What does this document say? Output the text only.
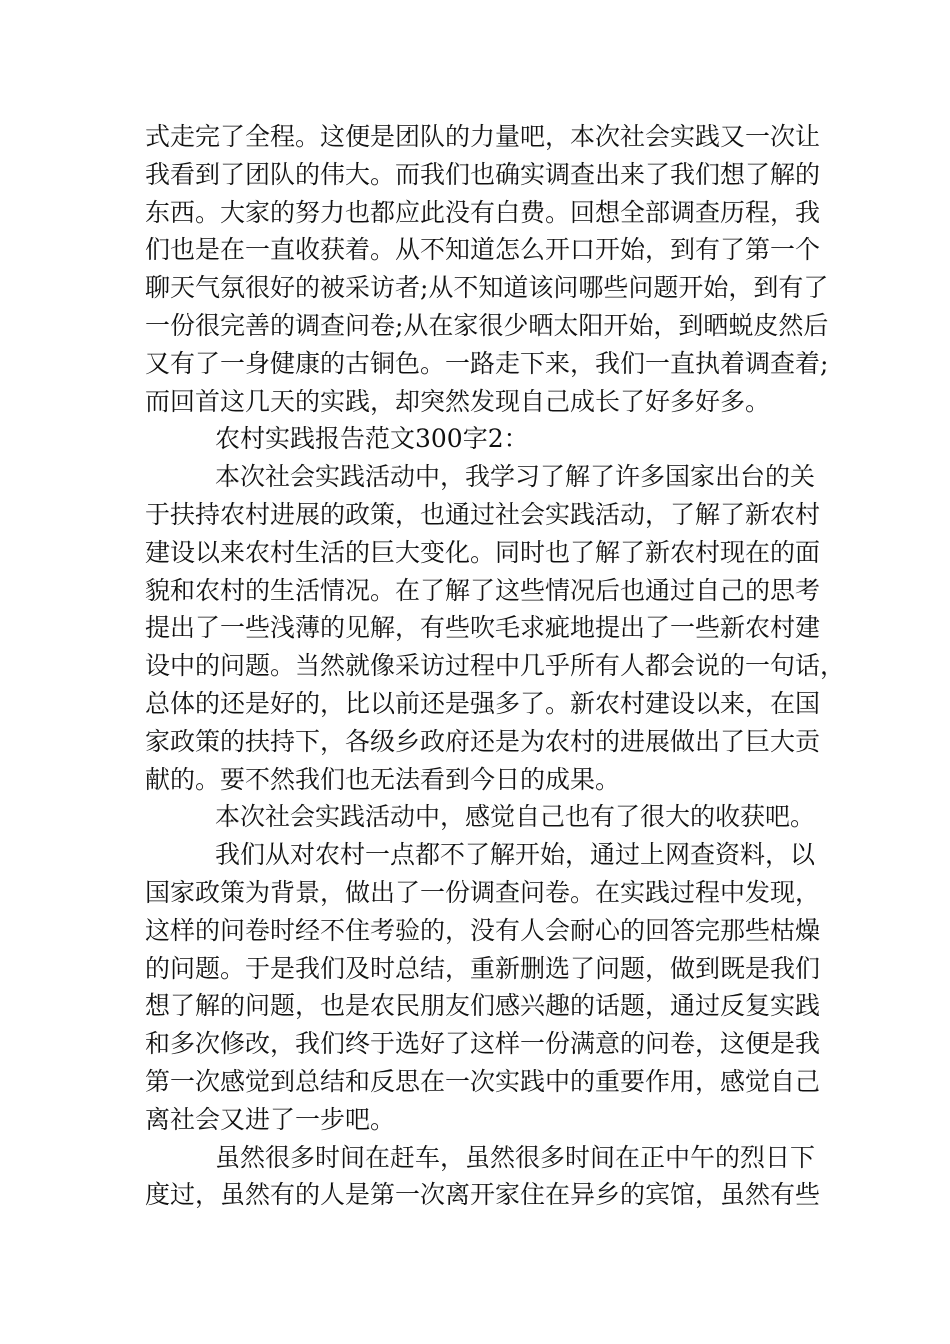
式走完了全程。这便是团队的力量吧，本次社会实践又一次让
我看到了团队的伟大。而我们也确实调查出来了我们想了解的
东西。大家的努力也都应此没有白费。回想全部调查历程，我
们也是在一直收获着。从不知道怎么开口开始，到有了第一个
聊天气氛很好的被采访者;从不知道该问哪些问题开始，到有了
一份很完善的调查问卷;从在家很少晒太阳开始，到晒蜕皮然后
又有了一身健康的古铜色。一路走下来，我们一直执着调查着;
而回首这几天的实践，却突然发现自己成长了好多好多。
农村实践报告范文300字2：
本次社会实践活动中，我学习了解了许多国家出台的关
于扶持农村进展的政策，也通过社会实践活动，了解了新农村
建设以来农村生活的巨大变化。同时也了解了新农村现在的面
貌和农村的生活情况。在了解了这些情况后也通过自己的思考
提出了一些浅薄的见解，有些吹毛求疵地提出了一些新农村建
设中的问题。当然就像采访过程中几乎所有人都会说的一句话，
总体的还是好的，比以前还是强多了。新农村建设以来，在国
家政策的扶持下，各级乡政府还是为农村的进展做出了巨大贡
献的。要不然我们也无法看到今日的成果。
本次社会实践活动中，感觉自己也有了很大的收获吧。
我们从对农村一点都不了解开始，通过上网查资料，以
国家政策为背景，做出了一份调查问卷。在实践过程中发现，
这样的问卷时经不住考验的，没有人会耐心的回答完那些枯燥
的问题。于是我们及时总结，重新删选了问题，做到既是我们
想了解的问题，也是农民朋友们感兴趣的话题，通过反复实践
和多次修改，我们终于选好了这样一份满意的问卷，这便是我
第一次感觉到总结和反思在一次实践中的重要作用，感觉自己
离社会又进了一步吧。
虽然很多时间在赶车，虽然很多时间在正中午的烈日下
度过，虽然有的人是第一次离开家住在异乡的宾馆，虽然有些
